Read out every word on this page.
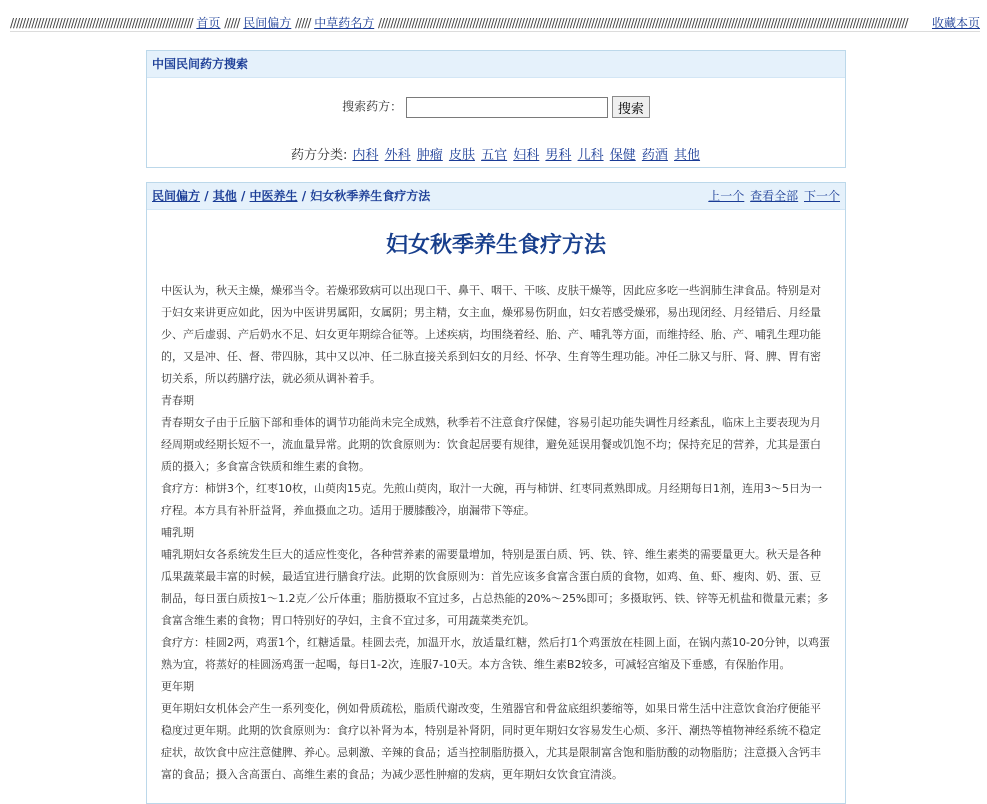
//////////////////////////////////////////////////////////// 首页 ///// 民间偏方 ///// 中草药名方 //////////////////////////////////////////////////////////////////////////////////////////////////////////////////////////////////////////////////////////////////////////////	收藏本页
中国民间药方搜索
搜索药方：	搜索
药方分类: 内科 外科 肿瘤 皮肤 五官 妇科 男科 儿科 保健 药酒 其他
民间偏方 / 其他 / 中医养生 / 妇女秋季养生食疗方法	上一个 查看全部 下一个
妇女秋季养生食疗方法

中医认为，秋天主燥，燥邪当令。若燥邪致病可以出现口干、鼻干、咽干、干咳、皮肤干燥等，因此应多吃一些润肺生津食品。特别是对于妇女来讲更应如此，因为中医讲男属阳，女属阴；男主精，女主血，燥邪易伤阴血，妇女若感受燥邪，易出现闭经、月经错后、月经量少、产后虚弱、产后奶水不足、妇女更年期综合征等。上述疾病，均围绕着经、胎、产、哺乳等方面，而维持经、胎、产、哺乳生理功能的，又是冲、任、督、带四脉，其中又以冲、任二脉直接关系到妇女的月经、怀孕、生育等生理功能。冲任二脉又与肝、肾、脾、胃有密切关系，所以药膳疗法，就必须从调补着手。

青春期

青春期女子由于丘脑下部和垂体的调节功能尚未完全成熟，秋季若不注意食疗保健，容易引起功能失调性月经紊乱，临床上主要表现为月经周期或经期长短不一，流血量异常。此期的饮食原则为：饮食起居要有规律，避免延误用餐或饥饱不均；保持充足的营养，尤其是蛋白质的摄入；多食富含铁质和维生素的食物。

食疗方：柿饼3个，红枣10枚，山萸肉15克。先煎山萸肉，取汁一大碗，再与柿饼、红枣同煮熟即成。月经期每日1剂，连用3～5日为一疗程。本方具有补肝益肾，养血摄血之功。适用于腰膝酸冷，崩漏带下等症。

哺乳期

哺乳期妇女各系统发生巨大的适应性变化，各种营养素的需要量增加，特别是蛋白质、钙、铁、锌、维生素类的需要量更大。秋天是各种瓜果蔬菜最丰富的时候，最适宜进行膳食疗法。此期的饮食原则为：首先应该多食富含蛋白质的食物，如鸡、鱼、虾、瘦肉、奶、蛋、豆制品，每日蛋白质按1～1.2克／公斤体重；脂肪摄取不宜过多，占总热能的20%～25%即可；多摄取钙、铁、锌等无机盐和微量元素；多食富含维生素的食物；胃口特别好的孕妇，主食不宜过多，可用蔬菜类充饥。

食疗方：桂圆2两，鸡蛋1个，红糖适量。桂圆去壳，加温开水，放适量红糖，然后打1个鸡蛋放在桂圆上面，在锅内蒸10-20分钟，以鸡蛋熟为宜，将蒸好的桂圆汤鸡蛋一起喝，每日1-2次，连服7-10天。本方含铁、维生素B2较多，可减轻宫缩及下垂感，有保胎作用。

更年期

更年期妇女机体会产生一系列变化，例如骨质疏松，脂质代谢改变，生殖器官和骨盆底组织萎缩等，如果日常生活中注意饮食治疗便能平稳度过更年期。此期的饮食原则为：食疗以补肾为本，特别是补肾阴，同时更年期妇女容易发生心烦、多汗、潮热等植物神经系统不稳定症状，故饮食中应注意健脾、养心。忌刺激、辛辣的食品；适当控制脂肪摄入，尤其是限制富含饱和脂肪酸的动物脂肪；注意摄入含钙丰富的食品；摄入含高蛋白、高维生素的食品；为减少恶性肿瘤的发病，更年期妇女饮食宜清淡。
